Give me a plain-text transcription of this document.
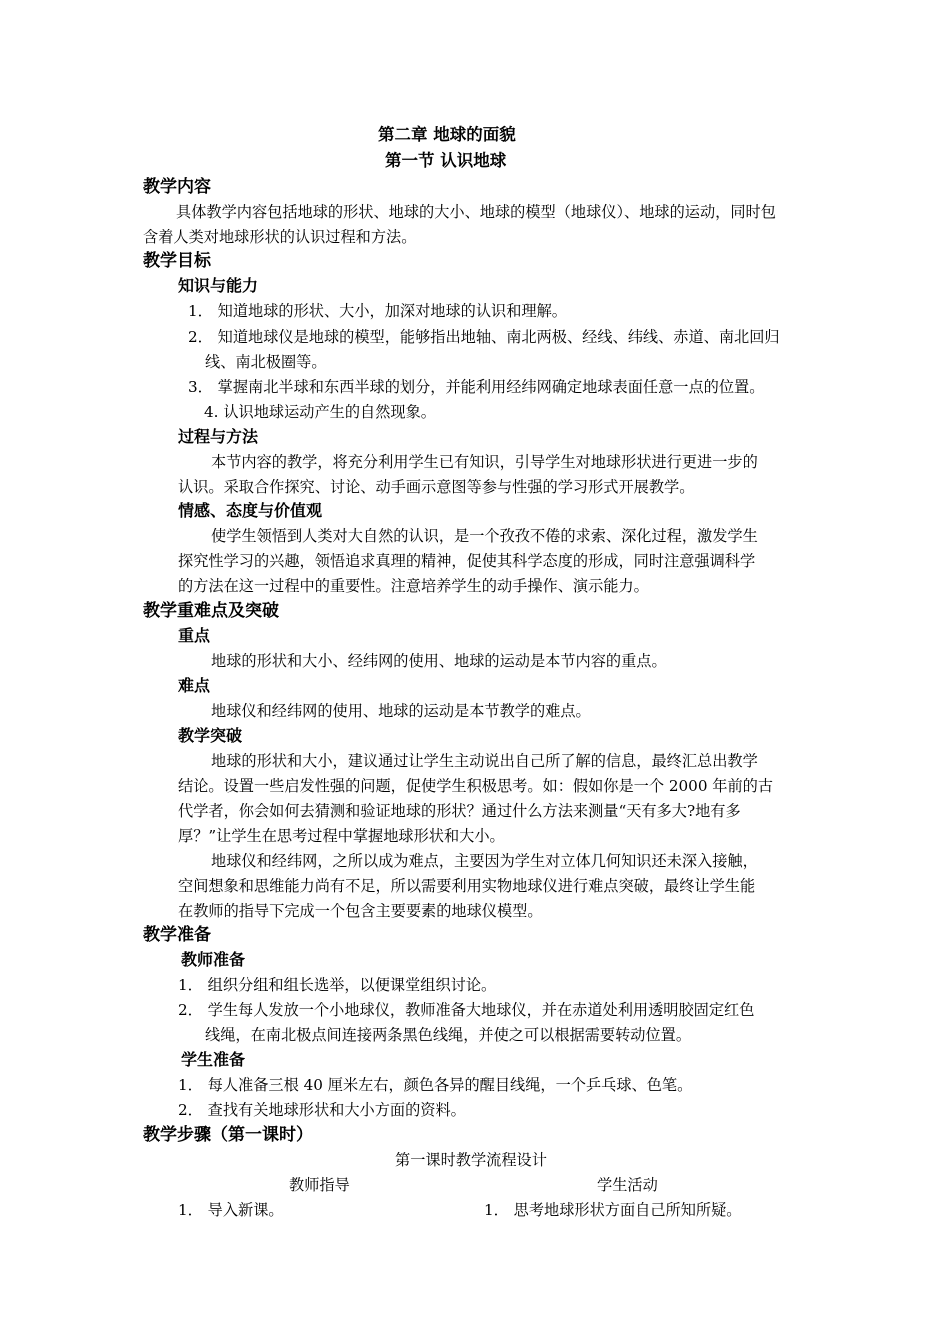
第二章 地球的面貌
第一节 认识地球
教学内容
具体教学内容包括地球的形状、地球的大小、地球的模型（地球仪）、地球的运动，同时包
含着人类对地球形状的认识过程和方法。
教学目标
知识与能力
1． 知道地球的形状、大小，加深对地球的认识和理解。
2． 知道地球仪是地球的模型，能够指出地轴、南北两极、经线、纬线、赤道、南北回归
线、南北极圈等。
3． 掌握南北半球和东西半球的划分，并能利用经纬网确定地球表面任意一点的位置。
4. 认识地球运动产生的自然现象。
过程与方法
本节内容的教学，将充分利用学生已有知识，引导学生对地球形状进行更进一步的
认识。采取合作探究、讨论、动手画示意图等参与性强的学习形式开展教学。
情感、态度与价值观
使学生领悟到人类对大自然的认识，是一个孜孜不倦的求索、深化过程，激发学生
探究性学习的兴趣，领悟追求真理的精神，促使其科学态度的形成，同时注意强调科学
的方法在这一过程中的重要性。注意培养学生的动手操作、演示能力。
教学重难点及突破
重点
地球的形状和大小、经纬网的使用、地球的运动是本节内容的重点。
难点
地球仪和经纬网的使用、地球的运动是本节教学的难点。
教学突破
地球的形状和大小，建议通过让学生主动说出自己所了解的信息，最终汇总出教学
结论。设置一些启发性强的问题，促使学生积极思考。如：假如你是一个 2000 年前的古
代学者，你会如何去猜测和验证地球的形状？通过什么方法来测量“天有多大?地有多
厚？”让学生在思考过程中掌握地球形状和大小。
地球仪和经纬网，之所以成为难点，主要因为学生对立体几何知识还未深入接触，
空间想象和思维能力尚有不足，所以需要利用实物地球仪进行难点突破，最终让学生能
在教师的指导下完成一个包含主要要素的地球仪模型。
教学准备
教师准备
1． 组织分组和组长选举，以便课堂组织讨论。
2． 学生每人发放一个小地球仪，教师准备大地球仪，并在赤道处利用透明胶固定红色
线绳，在南北极点间连接两条黑色线绳，并使之可以根据需要转动位置。
学生准备
1． 每人准备三根 40 厘米左右，颜色各异的醒目线绳，一个乒乓球、色笔。
2． 查找有关地球形状和大小方面的资料。
教学步骤（第一课时）
第一课时教学流程设计
教师指导	学生活动
1． 导入新课。	1． 思考地球形状方面自己所知所疑。
